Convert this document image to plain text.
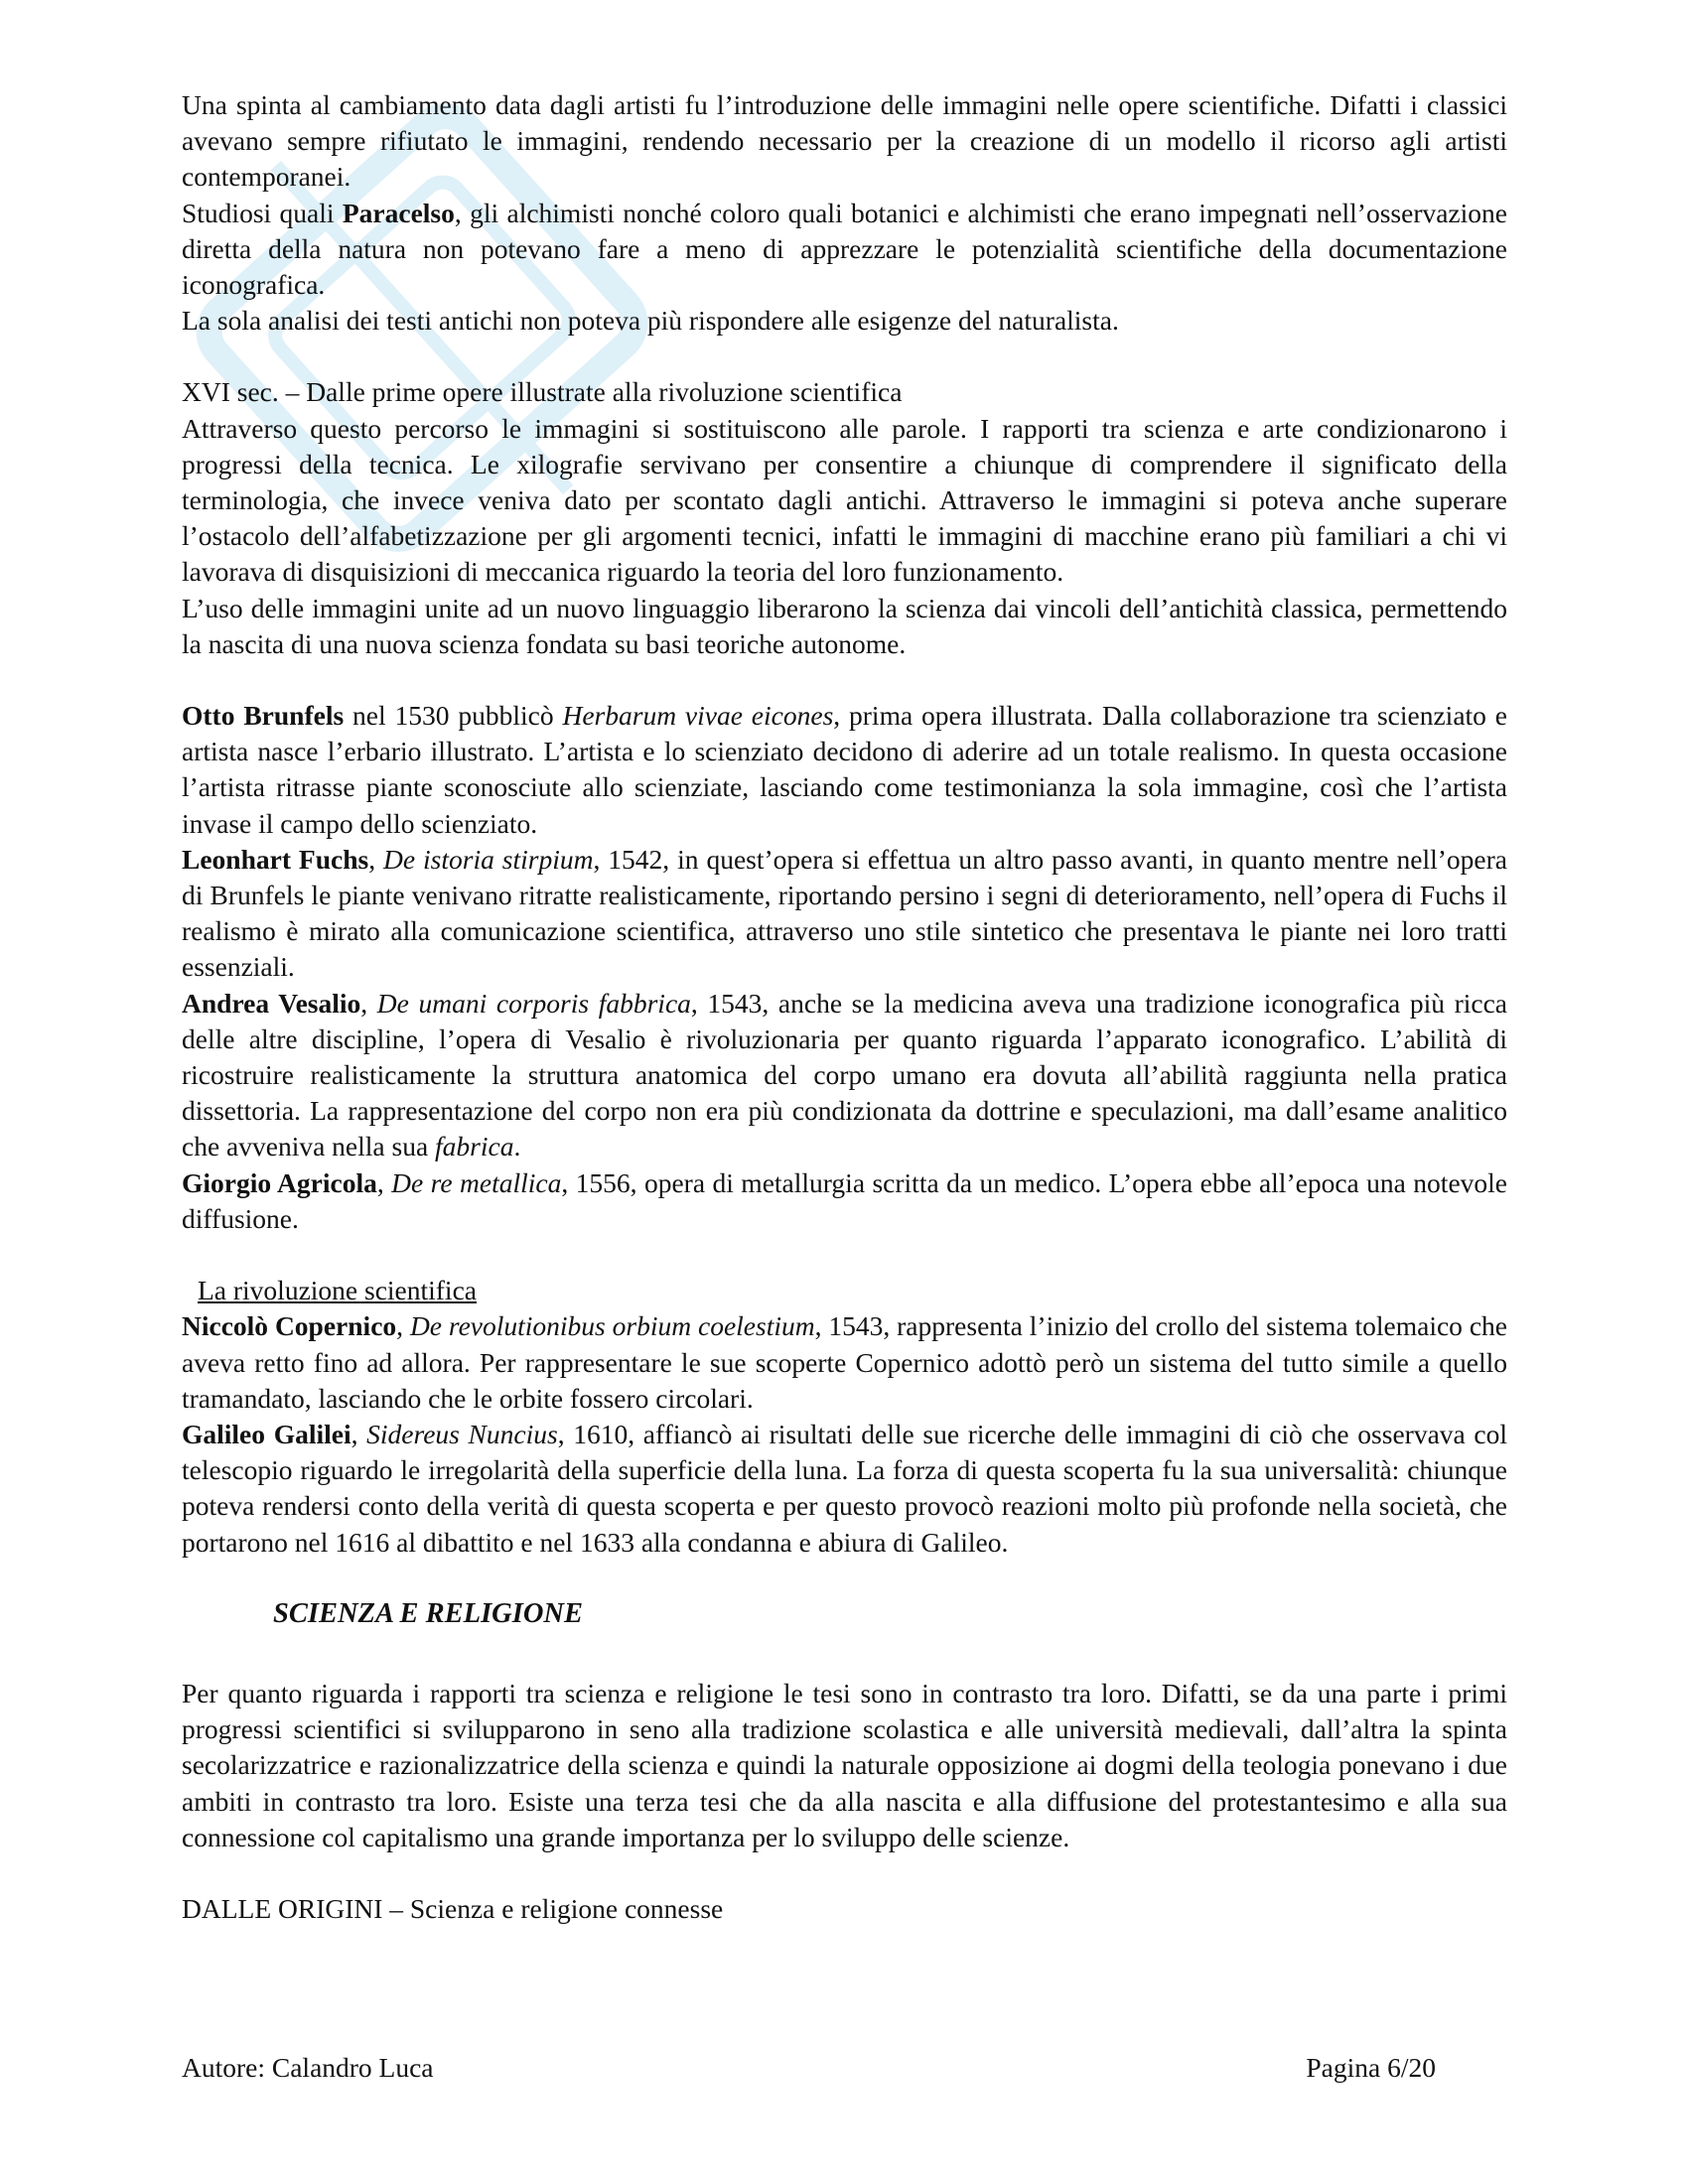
Una spinta al cambiamento data dagli artisti fu l’introduzione delle immagini nelle opere scientifiche. Difatti i classici avevano sempre rifiutato le immagini, rendendo necessario per la creazione di un modello il ricorso agli artisti contemporanei.

Studiosi quali Paracelso, gli alchimisti nonché coloro quali botanici e alchimisti che erano impegnati nell’osservazione diretta della natura non potevano fare a meno di apprezzare le potenzialità scientifiche della documentazione iconografica.

La sola analisi dei testi antichi non poteva più rispondere alle esigenze del naturalista.

XVI sec. – Dalle prime opere illustrate alla rivoluzione scientifica

Attraverso questo percorso le immagini si sostituiscono alle parole. I rapporti tra scienza e arte condizionarono i progressi della tecnica. Le xilografie servivano per consentire a chiunque di comprendere il significato della terminologia, che invece veniva dato per scontato dagli antichi. Attraverso le immagini si poteva anche superare l’ostacolo dell’alfabetizzazione per gli argomenti tecnici, infatti le immagini di macchine erano più familiari a chi vi lavorava di disquisizioni di meccanica riguardo la teoria del loro funzionamento.

L’uso delle immagini unite ad un nuovo linguaggio liberarono la scienza dai vincoli dell’antichità classica, permettendo la nascita di una nuova scienza fondata su basi teoriche autonome.

Otto Brunfels nel 1530 pubblicò Herbarum vivae eicones, prima opera illustrata. Dalla collaborazione tra scienziato e artista nasce l’erbario illustrato. L’artista e lo scienziato decidono di aderire ad un totale realismo. In questa occasione l’artista ritrasse piante sconosciute allo scienziate, lasciando come testimonianza la sola immagine, così che l’artista invase il campo dello scienziato.

Leonhart Fuchs, De istoria stirpium, 1542, in quest’opera si effettua un altro passo avanti, in quanto mentre nell’opera di Brunfels le piante venivano ritratte realisticamente, riportando persino i segni di deterioramento, nell’opera di Fuchs il realismo è mirato alla comunicazione scientifica, attraverso uno stile sintetico che presentava le piante nei loro tratti essenziali.

Andrea Vesalio, De umani corporis fabbrica, 1543, anche se la medicina aveva una tradizione iconografica più ricca delle altre discipline, l’opera di Vesalio è rivoluzionaria per quanto riguarda l’apparato iconografico. L’abilità di ricostruire realisticamente la struttura anatomica del corpo umano era dovuta all’abilità raggiunta nella pratica dissettoria. La rappresentazione del corpo non era più condizionata da dottrine e speculazioni, ma dall’esame analitico che avveniva nella sua fabrica.

Giorgio Agricola, De re metallica, 1556, opera di metallurgia scritta da un medico. L’opera ebbe all’epoca una notevole diffusione.

La rivoluzione scientifica

Niccolò Copernico, De revolutionibus orbium coelestium, 1543, rappresenta l’inizio del crollo del sistema tolemaico che aveva retto fino ad allora. Per rappresentare le sue scoperte Copernico adottò però un sistema del tutto simile a quello tramandato, lasciando che le orbite fossero circolari.

Galileo Galilei, Sidereus Nuncius, 1610, affiancò ai risultati delle sue ricerche delle immagini di ciò che osservava col telescopio riguardo le irregolarità della superficie della luna. La forza di questa scoperta fu la sua universalità: chiunque poteva rendersi conto della verità di questa scoperta e per questo provocò reazioni molto più profonde nella società, che portarono nel 1616 al dibattito e nel 1633 alla condanna e abiura di Galileo.

SCIENZA E RELIGIONE

Per quanto riguarda i rapporti tra scienza e religione le tesi sono in contrasto tra loro. Difatti, se da una parte i primi progressi scientifici si svilupparono in seno alla tradizione scolastica e alle università medievali, dall’altra la spinta secolarizzatrice e razionalizzatrice della scienza e quindi la naturale opposizione ai dogmi della teologia ponevano i due ambiti in contrasto tra loro. Esiste una terza tesi che da alla nascita e alla diffusione del protestantesimo e alla sua connessione col capitalismo una grande importanza per lo sviluppo delle scienze.

DALLE ORIGINI – Scienza e religione connesse

Autore: Calandro Luca	Pagina 6/20
